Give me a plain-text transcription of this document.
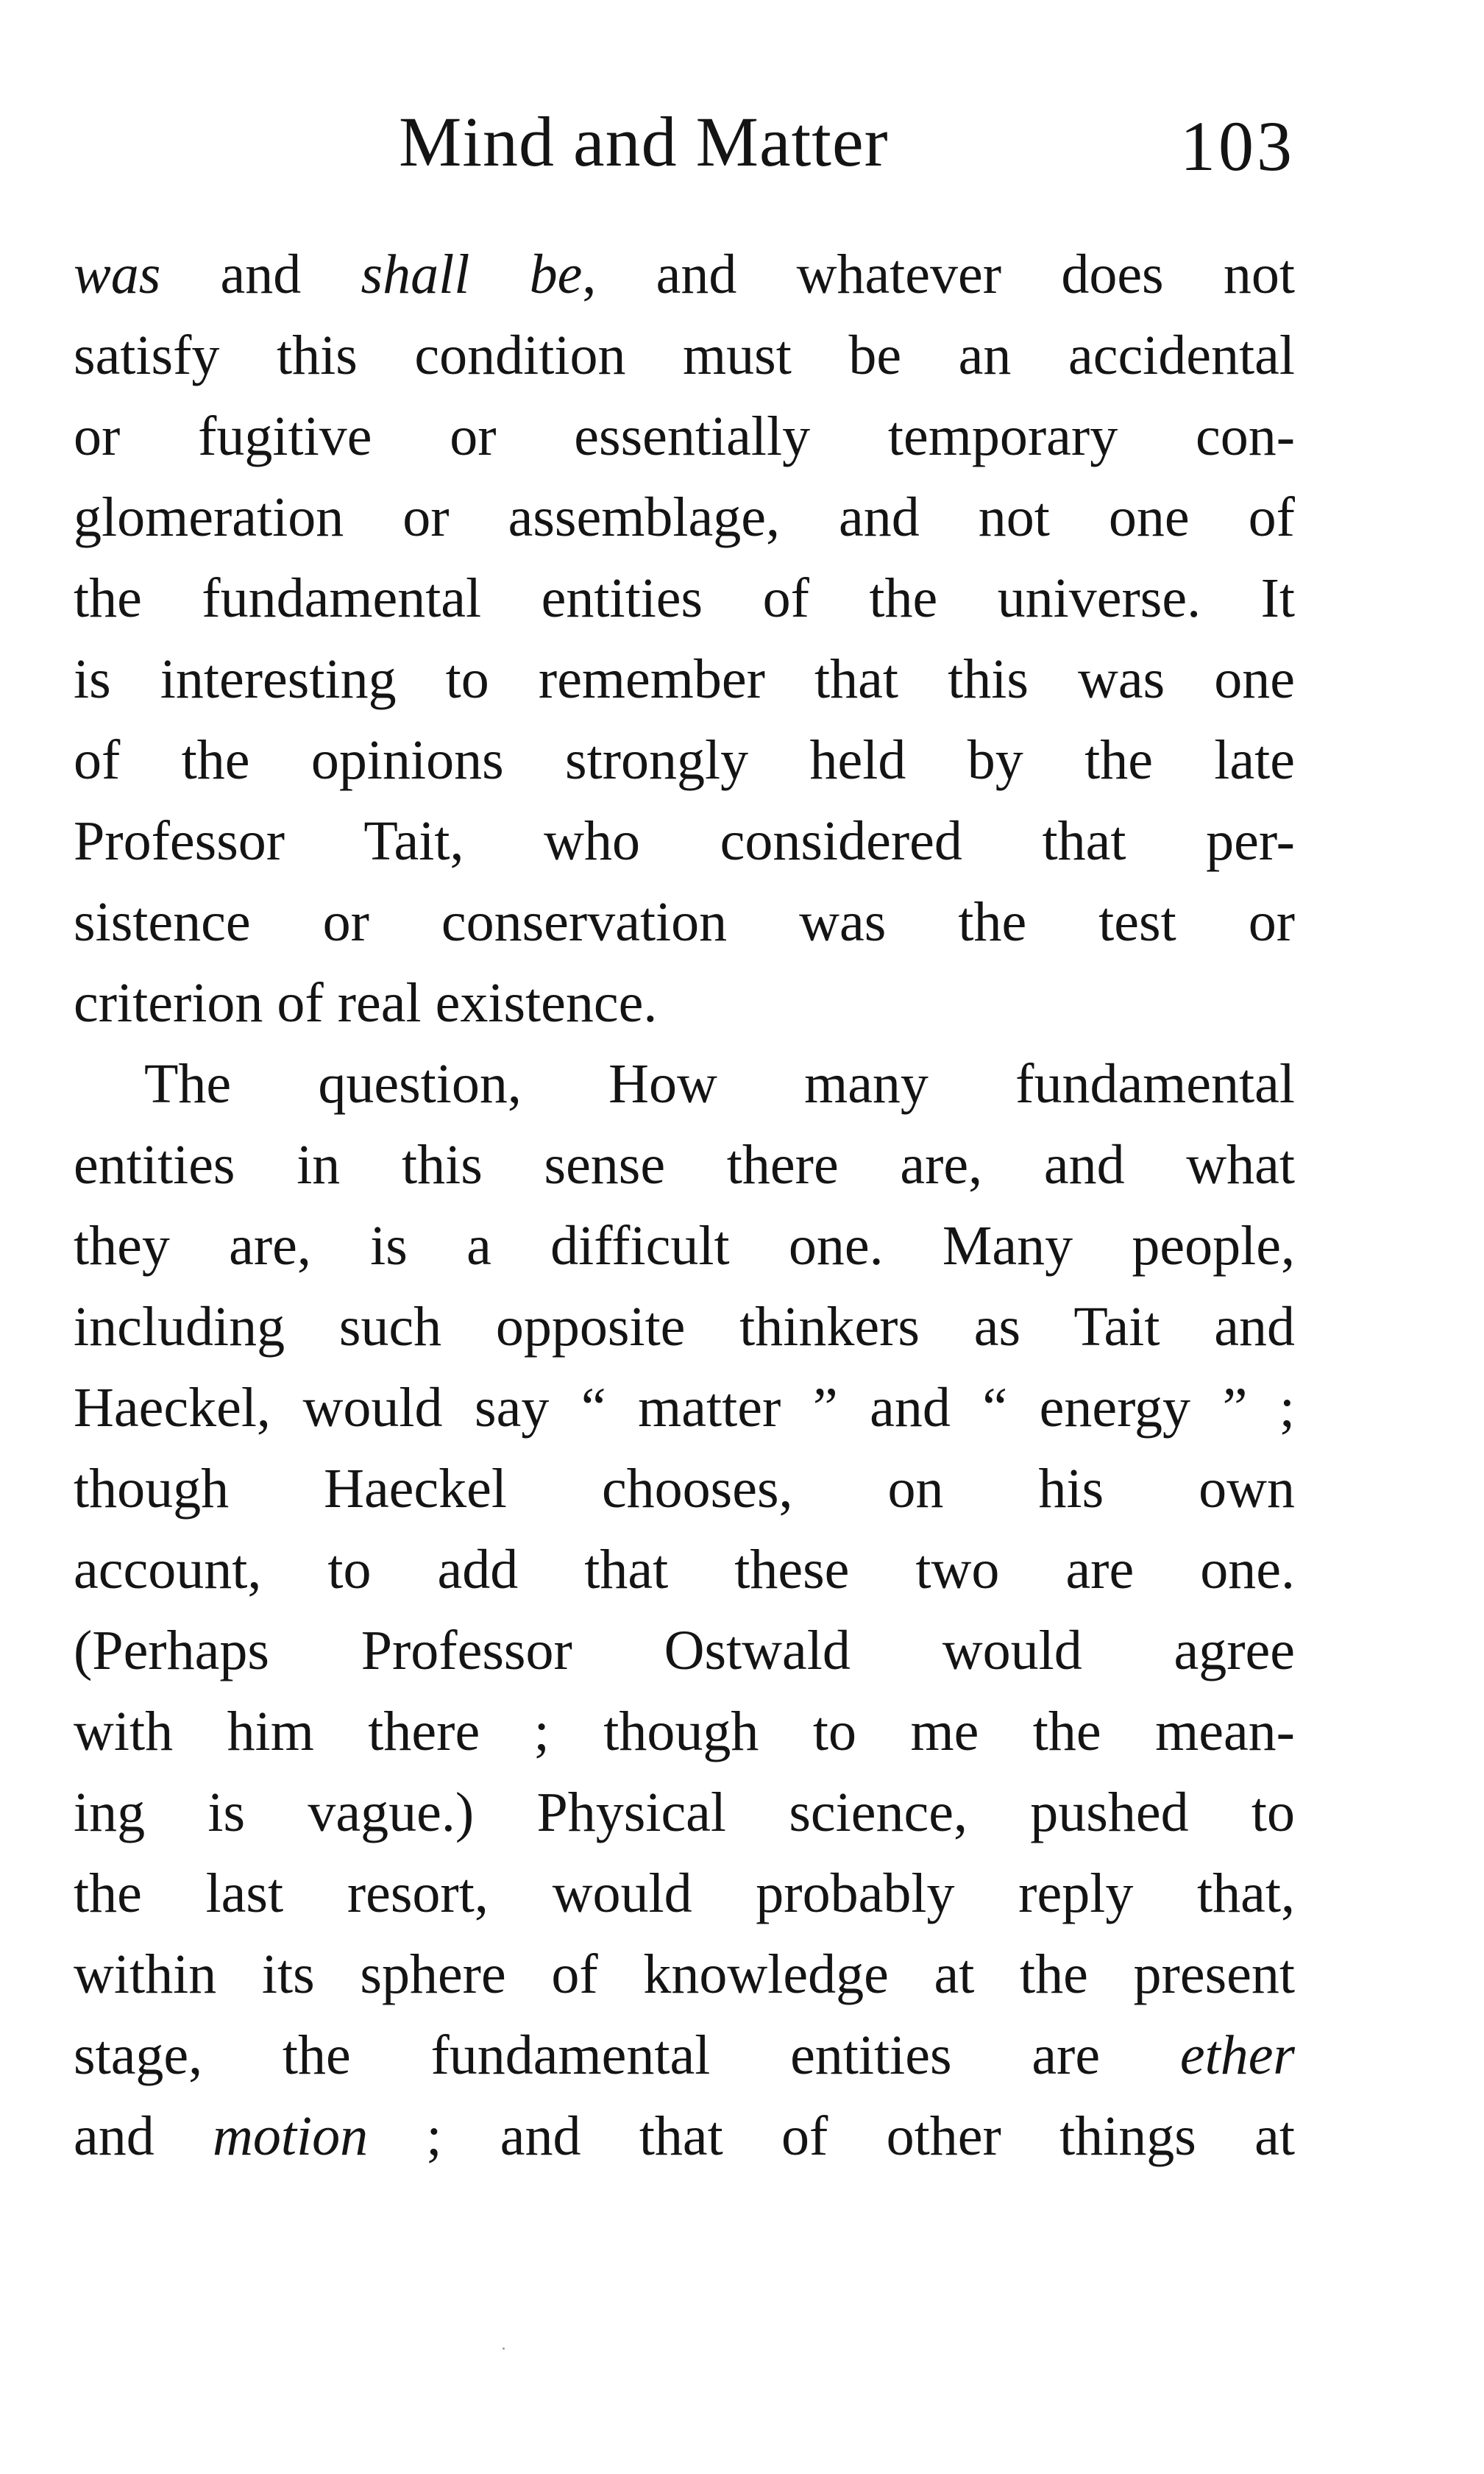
Mind and Matter	103
was and shall be, and whatever does not
satisfy this condition must be an accidental
or fugitive or essentially temporary con-
glomeration or assemblage, and not one of
the fundamental entities of the universe. It
is interesting to remember that this was one
of the opinions strongly held by the late
Professor Tait, who considered that per-
sistence or conservation was the test or
criterion of real existence.
The question, How many fundamental
entities in this sense there are, and what
they are, is a difficult one. Many people,
including such opposite thinkers as Tait and
Haeckel, would say “ matter ” and “ energy ” ;
though Haeckel chooses, on his own
account, to add that these two are one.
(Perhaps Professor Ostwald would agree
with him there ; though to me the mean-
ing is vague.) Physical science, pushed to
the last resort, would probably reply that,
within its sphere of knowledge at the present
stage, the fundamental entities are ether
and motion ; and that of other things at
